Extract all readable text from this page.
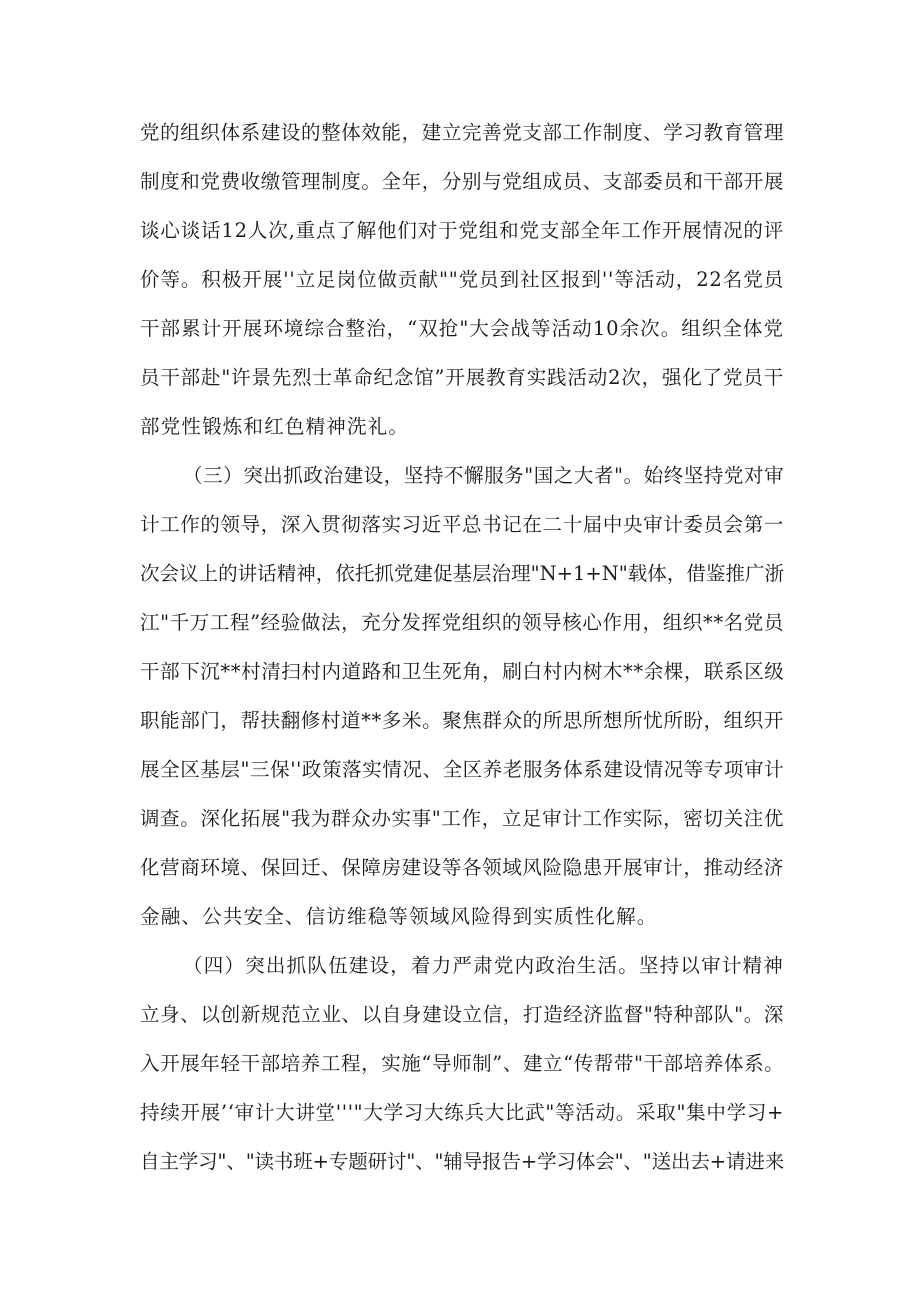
党的组织体系建设的整体效能，建立完善党支部工作制度、学习教育管理
制度和党费收缴管理制度。全年，分别与党组成员、支部委员和干部开展
谈心谈话12人次,重点了解他们对于党组和党支部全年工作开展情况的评
价等。积极开展''立足岗位做贡献""党员到社区报到''等活动，22名党员
干部累计开展环境综合整治，“双抢"大会战等活动10余次。组织全体党
员干部赴"许景先烈士革命纪念馆”开展教育实践活动2次，强化了党员干
部党性锻炼和红色精神洗礼。
（三）突出抓政治建设，坚持不懈服务"国之大者"。始终坚持党对审
计工作的领导，深入贯彻落实习近平总书记在二十届中央审计委员会第一
次会议上的讲话精神，依托抓党建促基层治理"N+1+N"载体，借鉴推广浙
江"千万工程”经验做法，充分发挥党组织的领导核心作用，组织**名党员
干部下沉**村清扫村内道路和卫生死角，刷白村内树木**余棵，联系区级
职能部门，帮扶翻修村道**多米。聚焦群众的所思所想所忧所盼，组织开
展全区基层"三保''政策落实情况、全区养老服务体系建设情况等专项审计
调查。深化拓展"我为群众办实事"工作，立足审计工作实际，密切关注优
化营商环境、保回迁、保障房建设等各领域风险隐患开展审计，推动经济
金融、公共安全、信访维稳等领域风险得到实质性化解。
（四）突出抓队伍建设，着力严肃党内政治生活。坚持以审计精神
立身、以创新规范立业、以自身建设立信，打造经济监督"特种部队"。深
入开展年轻干部培养工程，实施“导师制”、建立“传帮带"干部培养体系。
持续开展’‘审计大讲堂'''"大学习大练兵大比武"等活动。采取"集中学习+
自主学习"、"读书班+专题研讨"、"辅导报告+学习体会"、"送出去+请进来
